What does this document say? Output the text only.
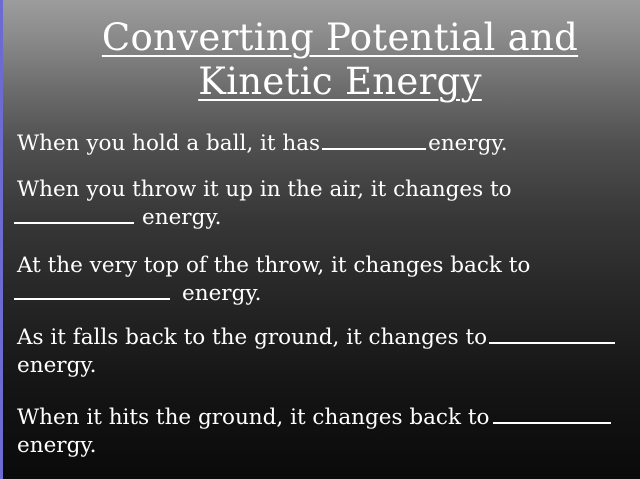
Converting Potential and
Kinetic Energy
When you hold a ball, it has	energy.
When you throw it up in the air, it changes to
energy.
At the very top of the throw, it changes back to
energy.
As it falls back to the ground, it changes to
energy.
When it hits the ground, it changes back to
energy.
